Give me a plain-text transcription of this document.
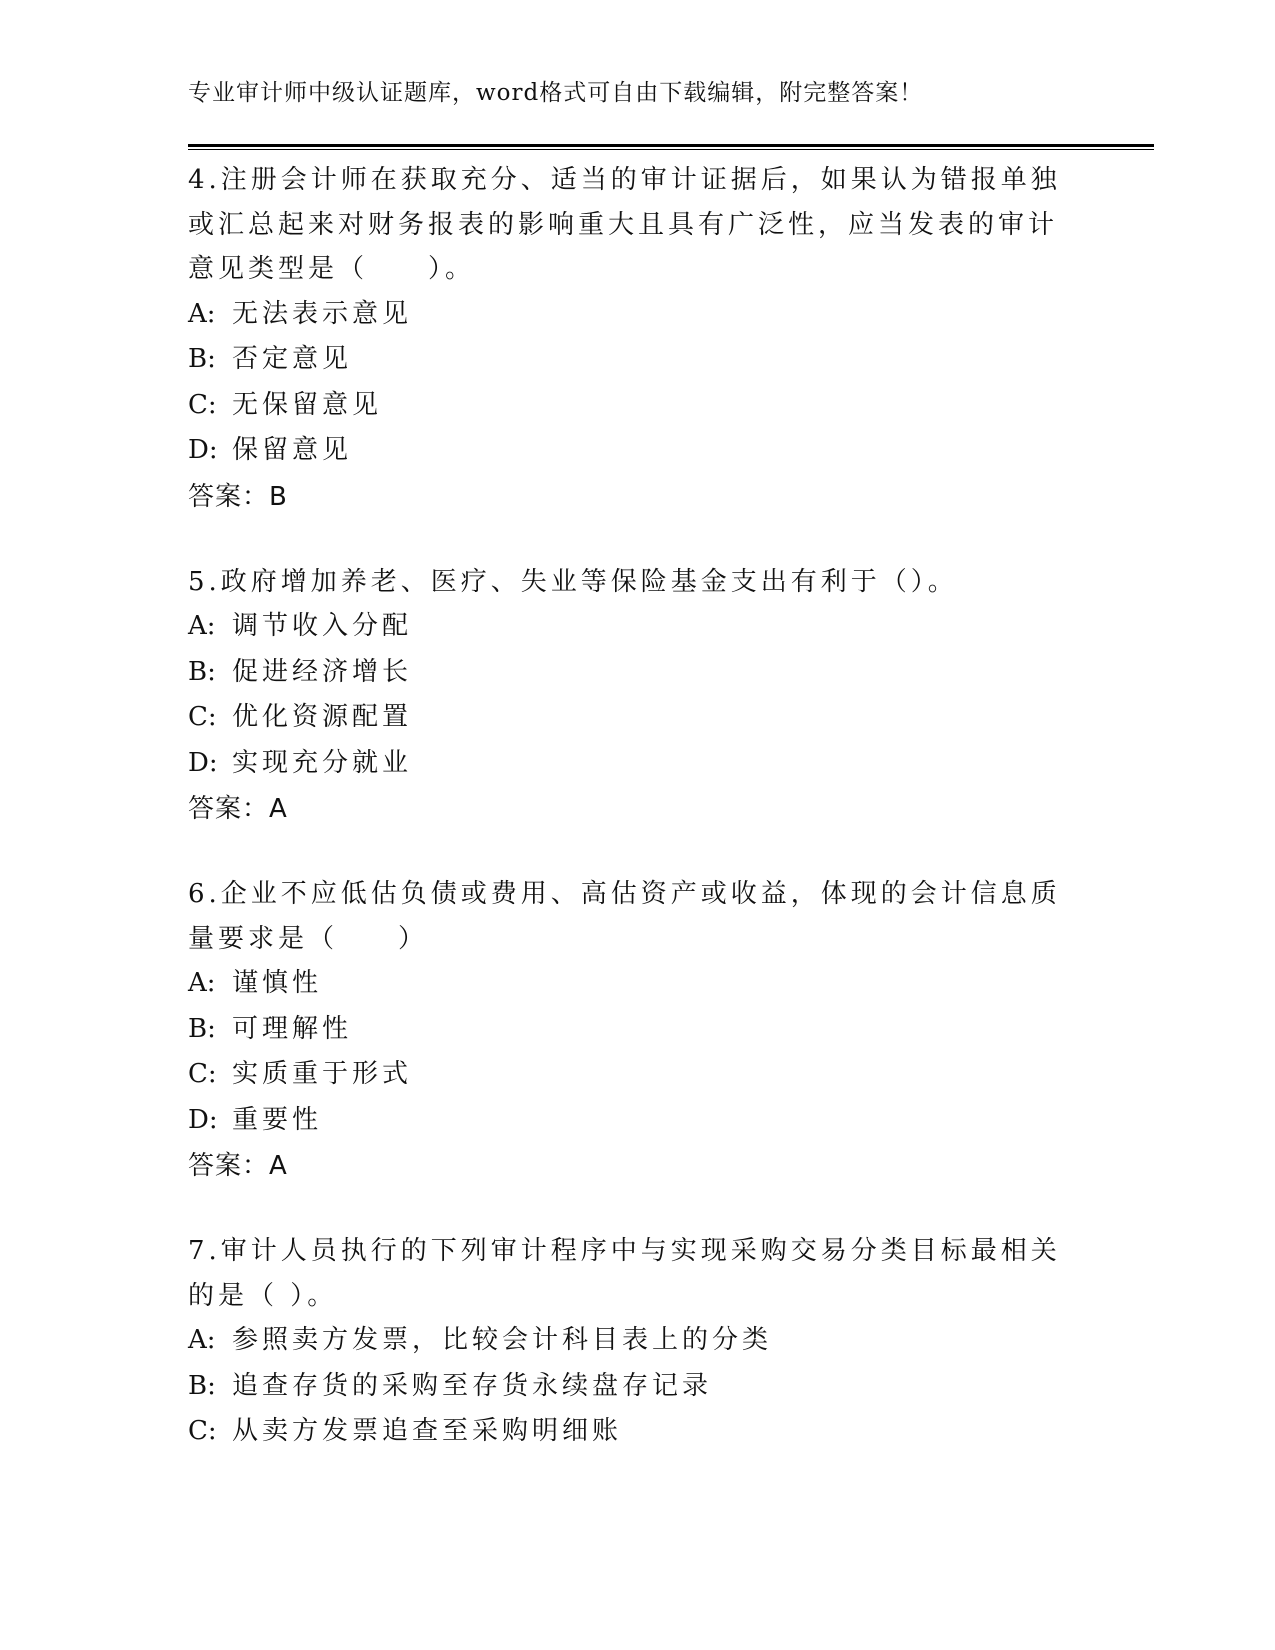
专业审计师中级认证题库，word格式可自由下载编辑，附完整答案！

4.注册会计师在获取充分、适当的审计证据后，如果认为错报单独或汇总起来对财务报表的影响重大且具有广泛性，应当发表的审计意见类型是（　　）。

A: 无法表示意见
B: 否定意见
C: 无保留意见
D: 保留意见
答案：B

5.政府增加养老、医疗、失业等保险基金支出有利于（）。

A: 调节收入分配
B: 促进经济增长
C: 优化资源配置
D: 实现充分就业
答案：A

6.企业不应低估负债或费用、高估资产或收益，体现的会计信息质量要求是（　　）

A: 谨慎性
B: 可理解性
C: 实质重于形式
D: 重要性
答案：A

7.审计人员执行的下列审计程序中与实现采购交易分类目标最相关的是（ ）。

A: 参照卖方发票，比较会计科目表上的分类
B: 追查存货的采购至存货永续盘存记录
C: 从卖方发票追查至采购明细账
